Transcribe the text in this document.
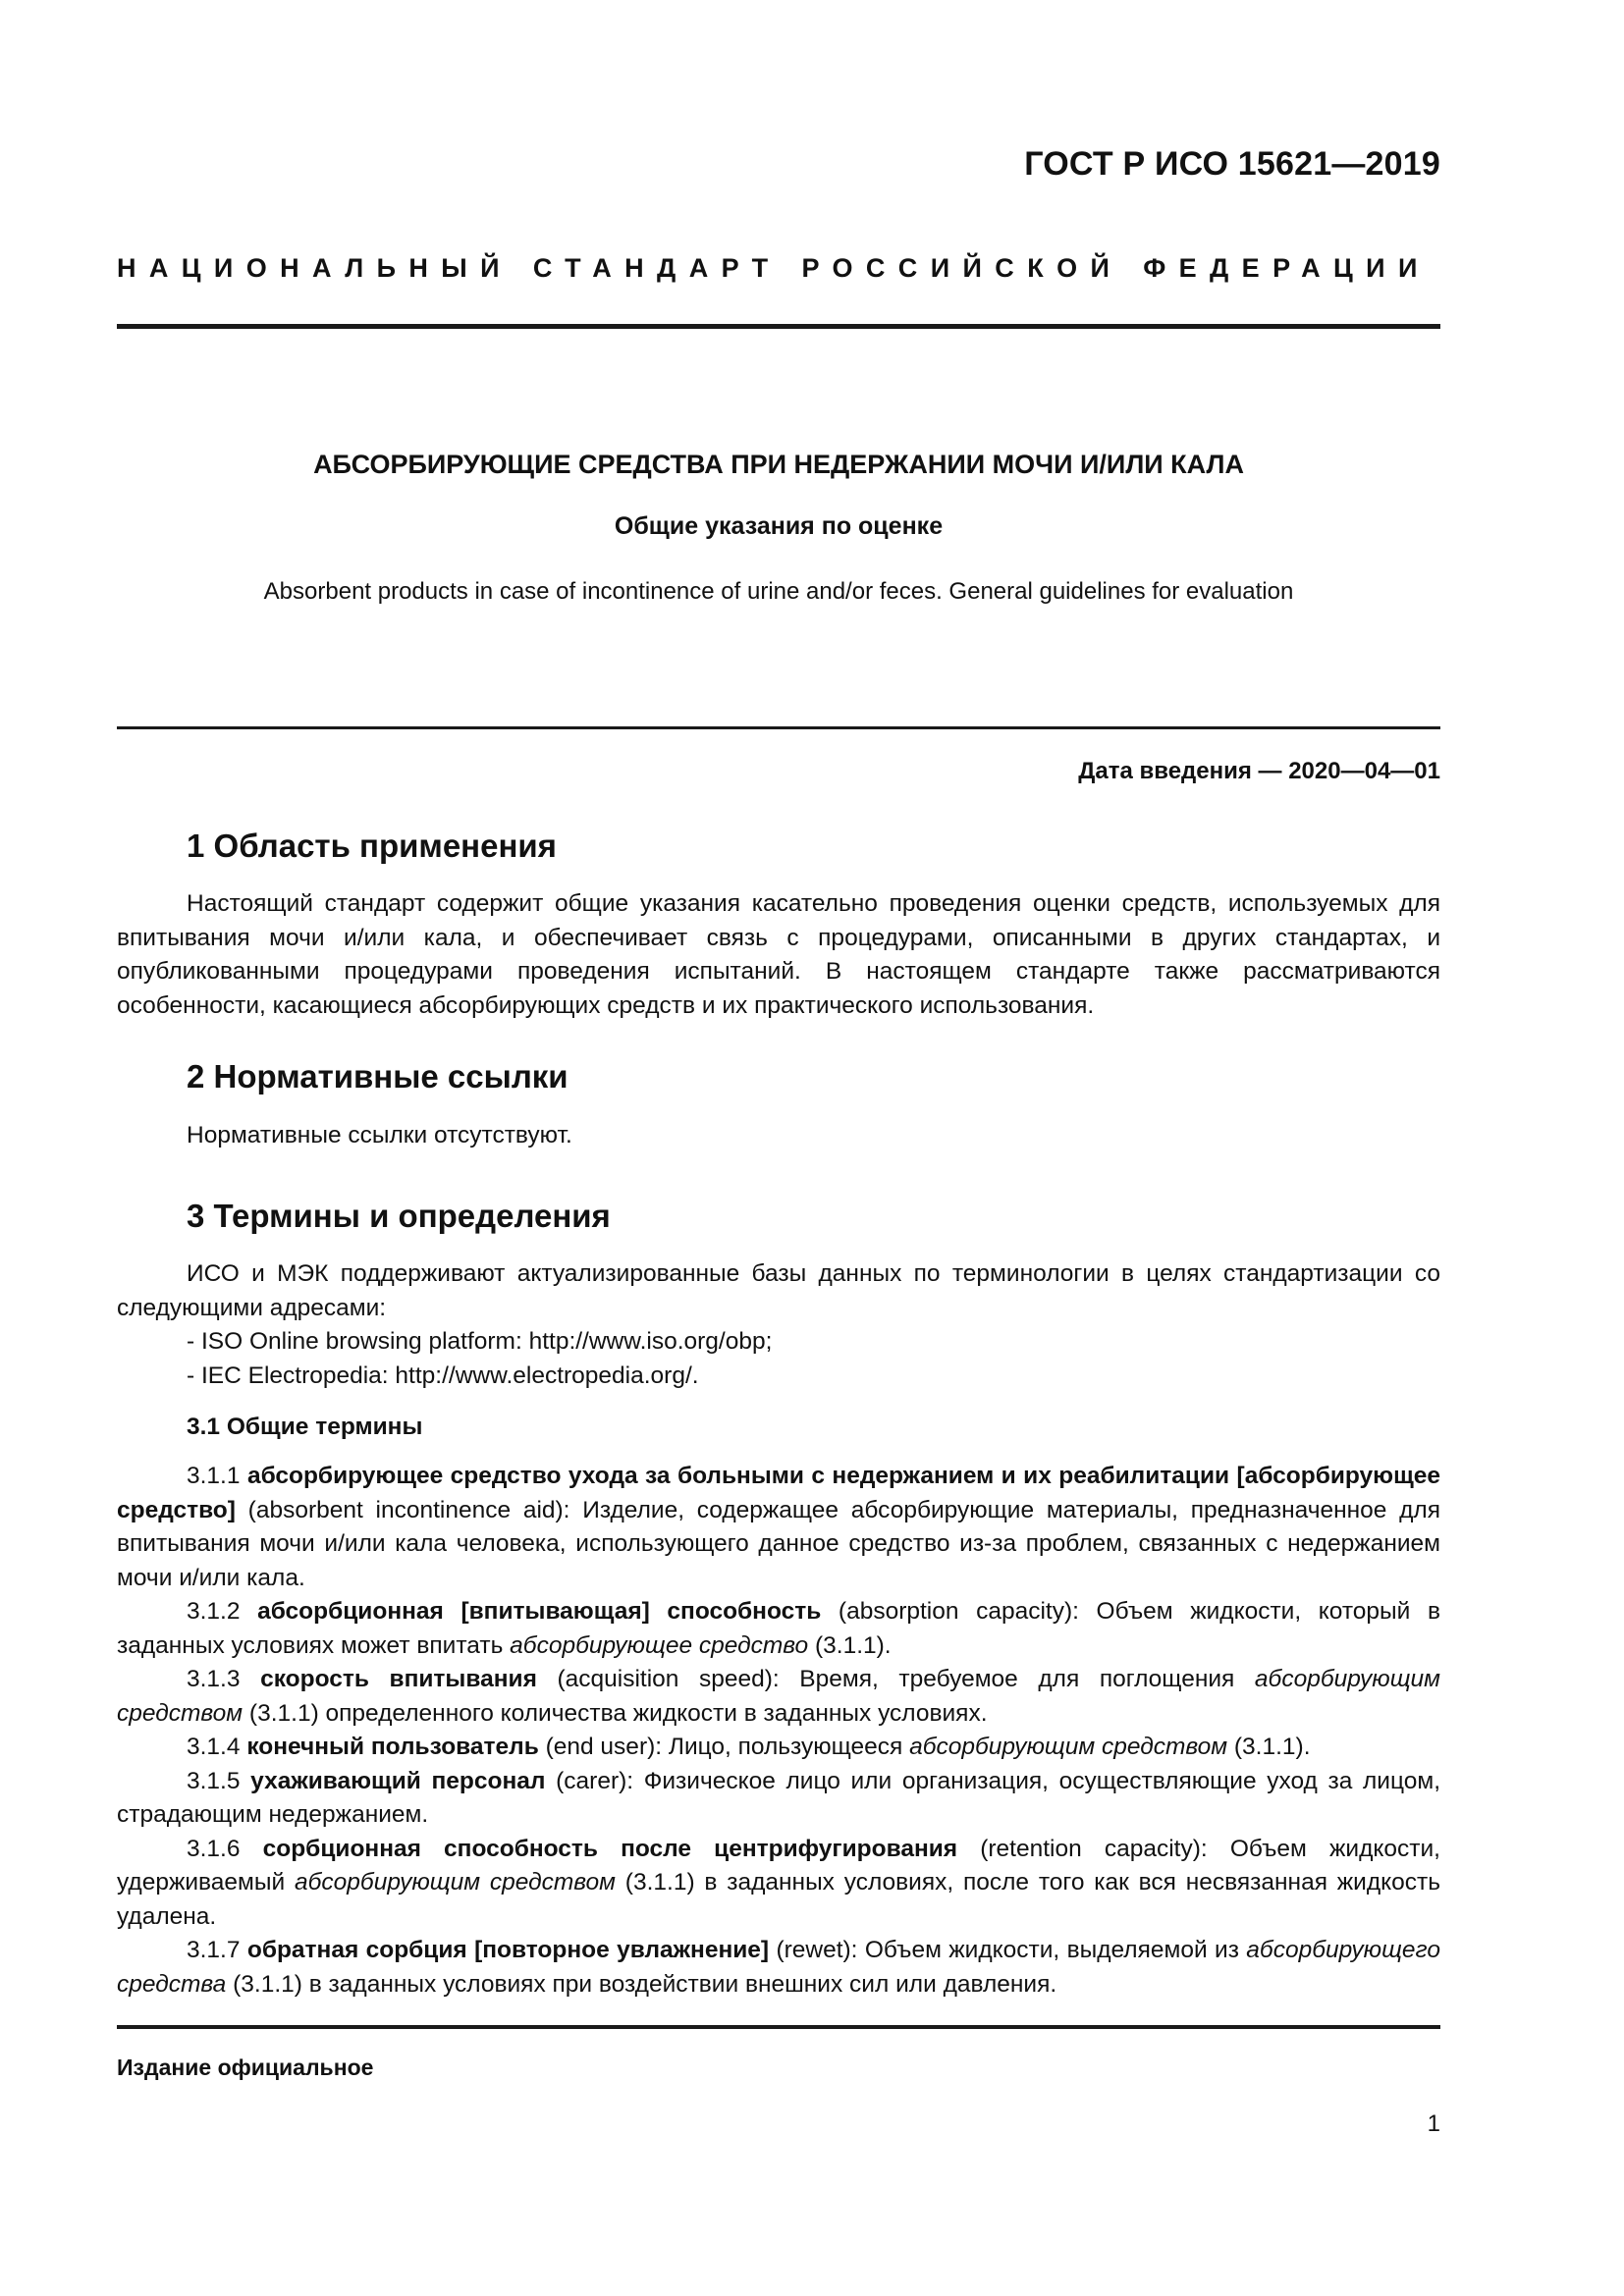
ГОСТ Р ИСО 15621—2019
НАЦИОНАЛЬНЫЙ СТАНДАРТ РОССИЙСКОЙ ФЕДЕРАЦИИ
АБСОРБИРУЮЩИЕ СРЕДСТВА ПРИ НЕДЕРЖАНИИ МОЧИ И/ИЛИ КАЛА
Общие указания по оценке
Absorbent products in case of incontinence of urine and/or feces. General guidelines for evaluation
Дата введения — 2020—04—01
1 Область применения
Настоящий стандарт содержит общие указания касательно проведения оценки средств, используемых для впитывания мочи и/или кала, и обеспечивает связь с процедурами, описанными в других стандартах, и опубликованными процедурами проведения испытаний. В настоящем стандарте также рассматриваются особенности, касающиеся абсорбирующих средств и их практического использования.
2 Нормативные ссылки
Нормативные ссылки отсутствуют.
3 Термины и определения
ИСО и МЭК поддерживают актуализированные базы данных по терминологии в целях стандартизации со следующими адресами:
- ISO Online browsing platform: http://www.iso.org/obp;
- IEC Electropedia: http://www.electropedia.org/.
3.1 Общие термины

3.1.1 абсорбирующее средство ухода за больными с недержанием и их реабилитации [абсорбирующее средство] (absorbent incontinence aid): Изделие, содержащее абсорбирующие материалы, предназначенное для впитывания мочи и/или кала человека, использующего данное средство из-за проблем, связанных с недержанием мочи и/или кала.

3.1.2 абсорбционная [впитывающая] способность (absorption capacity): Объем жидкости, который в заданных условиях может впитать абсорбирующее средство (3.1.1).

3.1.3 скорость впитывания (acquisition speed): Время, требуемое для поглощения абсорбирующим средством (3.1.1) определенного количества жидкости в заданных условиях.

3.1.4 конечный пользователь (end user): Лицо, пользующееся абсорбирующим средством (3.1.1).

3.1.5 ухаживающий персонал (carer): Физическое лицо или организация, осуществляющие уход за лицом, страдающим недержанием.

3.1.6 сорбционная способность после центрифугирования (retention capacity): Объем жидкости, удерживаемый абсорбирующим средством (3.1.1) в заданных условиях, после того как вся несвязанная жидкость удалена.

3.1.7 обратная сорбция [повторное увлажнение] (rewet): Объем жидкости, выделяемой из абсорбирующего средства (3.1.1) в заданных условиях при воздействии внешних сил или давления.

Издание официальное
1
